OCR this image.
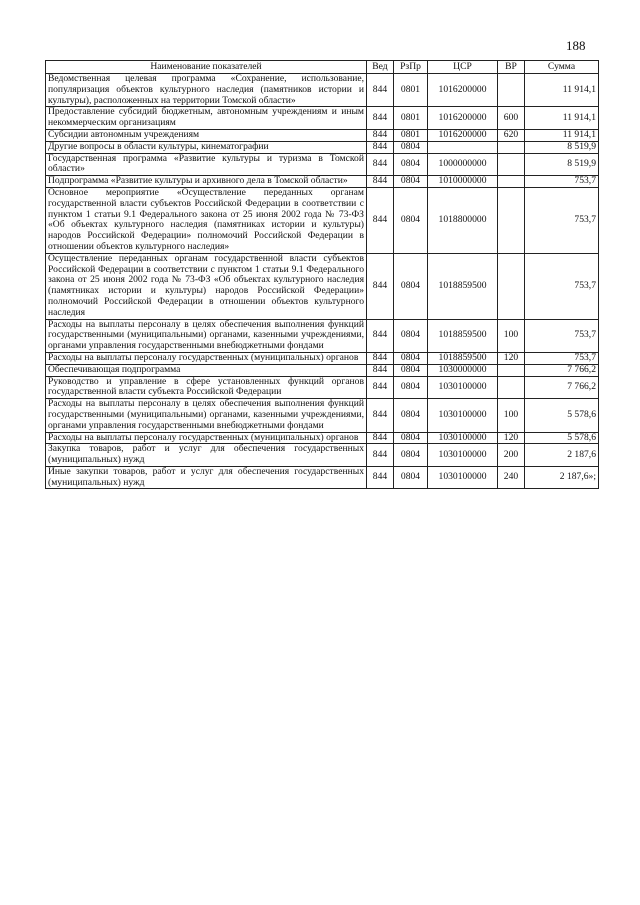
188
Наименование показателей	Вед	РзПр	ЦСР	ВР	Сумма
Ведомственная целевая программа «Сохранение, использование, популяризация объектов культурного наследия (памятников истории и культуры), расположенных на территории Томской области»	844	0801	1016200000		11 914,1
Предоставление субсидий бюджетным, автономным учреждениям и иным некоммерческим организациям	844	0801	1016200000	600	11 914,1
Субсидии автономным учреждениям	844	0801	1016200000	620	11 914,1
Другие вопросы в области культуры, кинематографии	844	0804			8 519,9
Государственная программа «Развитие культуры и туризма в Томской области»	844	0804	1000000000		8 519,9
Подпрограмма «Развитие культуры и архивного дела в Томской области»	844	0804	1010000000		753,7
Основное мероприятие «Осуществление переданных органам государственной власти субъектов Российской Федерации в соответствии с пунктом 1 статьи 9.1 Федерального закона от 25 июня 2002 года № 73-ФЗ «Об объектах культурного наследия (памятниках истории и культуры) народов Российской Федерации» полномочий Российской Федерации в отношении объектов культурного наследия»	844	0804	1018800000		753,7
Осуществление переданных органам государственной власти субъектов Российской Федерации в соответствии с пунктом 1 статьи 9.1 Федерального закона от 25 июня 2002 года № 73-ФЗ «Об объектах культурного наследия (памятниках истории и культуры) народов Российской Федерации» полномочий Российской Федерации в отношении объектов культурного наследия	844	0804	1018859500		753,7
Расходы на выплаты персоналу в целях обеспечения выполнения функций государственными (муниципальными) органами, казенными учреждениями, органами управления государственными внебюджетными фондами	844	0804	1018859500	100	753,7
Расходы на выплаты персоналу государственных (муниципальных) органов	844	0804	1018859500	120	753,7
Обеспечивающая подпрограмма	844	0804	1030000000		7 766,2
Руководство и управление в сфере установленных функций органов государственной власти субъекта Российской Федерации	844	0804	1030100000		7 766,2
Расходы на выплаты персоналу в целях обеспечения выполнения функций государственными (муниципальными) органами, казенными учреждениями, органами управления государственными внебюджетными фондами	844	0804	1030100000	100	5 578,6
Расходы на выплаты персоналу государственных (муниципальных) органов	844	0804	1030100000	120	5 578,6
Закупка товаров, работ и услуг для обеспечения государственных (муниципальных) нужд	844	0804	1030100000	200	2 187,6
Иные закупки товаров, работ и услуг для обеспечения государственных (муниципальных) нужд	844	0804	1030100000	240	2 187,6»;
